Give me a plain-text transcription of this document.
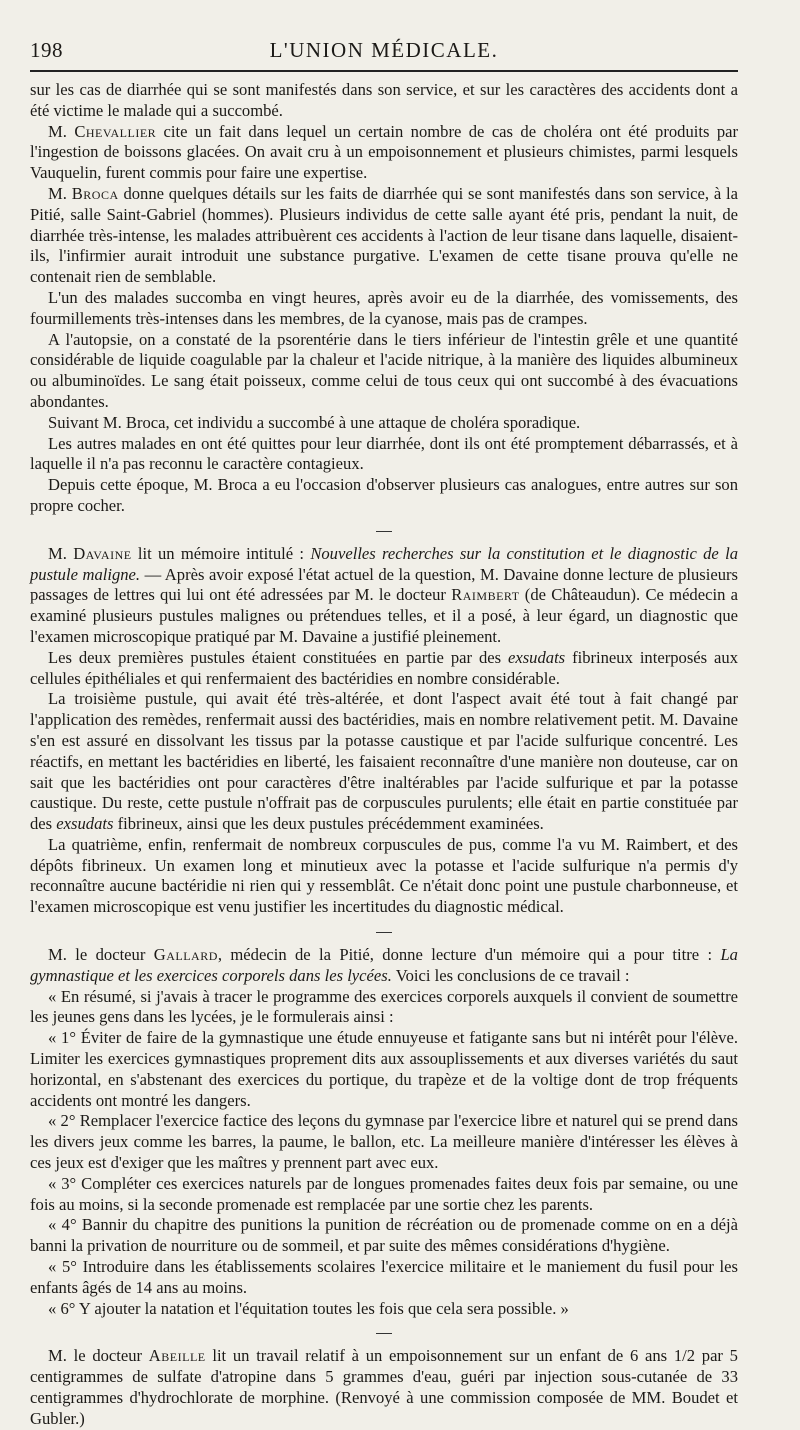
198	L'UNION MÉDICALE.

sur les cas de diarrhée qui se sont manifestés dans son service, et sur les caractères des accidents dont a été victime le malade qui a succombé.

M. Chevallier cite un fait dans lequel un certain nombre de cas de choléra ont été produits par l'ingestion de boissons glacées. On avait cru à un empoisonnement et plusieurs chimistes, parmi lesquels Vauquelin, furent commis pour faire une expertise.

M. Broca donne quelques détails sur les faits de diarrhée qui se sont manifestés dans son service, à la Pitié, salle Saint-Gabriel (hommes). Plusieurs individus de cette salle ayant été pris, pendant la nuit, de diarrhée très-intense, les malades attribuèrent ces accidents à l'action de leur tisane dans laquelle, disaient-ils, l'infirmier aurait introduit une substance purgative. L'examen de cette tisane prouva qu'elle ne contenait rien de semblable.

L'un des malades succomba en vingt heures, après avoir eu de la diarrhée, des vomissements, des fourmillements très-intenses dans les membres, de la cyanose, mais pas de crampes.

A l'autopsie, on a constaté de la psorentérie dans le tiers inférieur de l'intestin grêle et une quantité considérable de liquide coagulable par la chaleur et l'acide nitrique, à la manière des liquides albumineux ou albuminoïdes. Le sang était poisseux, comme celui de tous ceux qui ont succombé à des évacuations abondantes.

Suivant M. Broca, cet individu a succombé à une attaque de choléra sporadique.

Les autres malades en ont été quittes pour leur diarrhée, dont ils ont été promptement débarrassés, et à laquelle il n'a pas reconnu le caractère contagieux.

Depuis cette époque, M. Broca a eu l'occasion d'observer plusieurs cas analogues, entre autres sur son propre cocher.

M. Davaine lit un mémoire intitulé : Nouvelles recherches sur la constitution et le diagnostic de la pustule maligne. — Après avoir exposé l'état actuel de la question, M. Davaine donne lecture de plusieurs passages de lettres qui lui ont été adressées par M. le docteur Raimbert (de Châteaudun). Ce médecin a examiné plusieurs pustules malignes ou prétendues telles, et il a posé, à leur égard, un diagnostic que l'examen microscopique pratiqué par M. Davaine a justifié pleinement.

Les deux premières pustules étaient constituées en partie par des exsudats fibrineux interposés aux cellules épithéliales et qui renfermaient des bactéridies en nombre considérable.

La troisième pustule, qui avait été très-altérée, et dont l'aspect avait été tout à fait changé par l'application des remèdes, renfermait aussi des bactéridies, mais en nombre relativement petit. M. Davaine s'en est assuré en dissolvant les tissus par la potasse caustique et par l'acide sulfurique concentré. Les réactifs, en mettant les bactéridies en liberté, les faisaient reconnaître d'une manière non douteuse, car on sait que les bactéridies ont pour caractères d'être inaltérables par l'acide sulfurique et par la potasse caustique. Du reste, cette pustule n'offrait pas de corpuscules purulents; elle était en partie constituée par des exsudats fibrineux, ainsi que les deux pustules précédemment examinées.

La quatrième, enfin, renfermait de nombreux corpuscules de pus, comme l'a vu M. Raimbert, et des dépôts fibrineux. Un examen long et minutieux avec la potasse et l'acide sulfurique n'a permis d'y reconnaître aucune bactéridie ni rien qui y ressemblât. Ce n'était donc point une pustule charbonneuse, et l'examen microscopique est venu justifier les incertitudes du diagnostic médical.

M. le docteur Gallard, médecin de la Pitié, donne lecture d'un mémoire qui a pour titre : La gymnastique et les exercices corporels dans les lycées. Voici les conclusions de ce travail :

« En résumé, si j'avais à tracer le programme des exercices corporels auxquels il convient de soumettre les jeunes gens dans les lycées, je le formulerais ainsi :

« 1° Éviter de faire de la gymnastique une étude ennuyeuse et fatigante sans but ni intérêt pour l'élève. Limiter les exercices gymnastiques proprement dits aux assouplissements et aux diverses variétés du saut horizontal, en s'abstenant des exercices du portique, du trapèze et de la voltige dont de trop fréquents accidents ont montré les dangers.

« 2° Remplacer l'exercice factice des leçons du gymnase par l'exercice libre et naturel qui se prend dans les divers jeux comme les barres, la paume, le ballon, etc. La meilleure manière d'intéresser les élèves à ces jeux est d'exiger que les maîtres y prennent part avec eux.

« 3° Compléter ces exercices naturels par de longues promenades faites deux fois par semaine, ou une fois au moins, si la seconde promenade est remplacée par une sortie chez les parents.

« 4° Bannir du chapitre des punitions la punition de récréation ou de promenade comme on en a déjà banni la privation de nourriture ou de sommeil, et par suite des mêmes considérations d'hygiène.

« 5° Introduire dans les établissements scolaires l'exercice militaire et le maniement du fusil pour les enfants âgés de 14 ans au moins.

« 6° Y ajouter la natation et l'équitation toutes les fois que cela sera possible. »

M. le docteur Abeille lit un travail relatif à un empoisonnement sur un enfant de 6 ans 1/2 par 5 centigrammes de sulfate d'atropine dans 5 grammes d'eau, guéri par injection sous-cutanée de 33 centigrammes d'hydrochlorate de morphine. (Renvoyé à une commission composée de MM. Boudet et Gubler.)
